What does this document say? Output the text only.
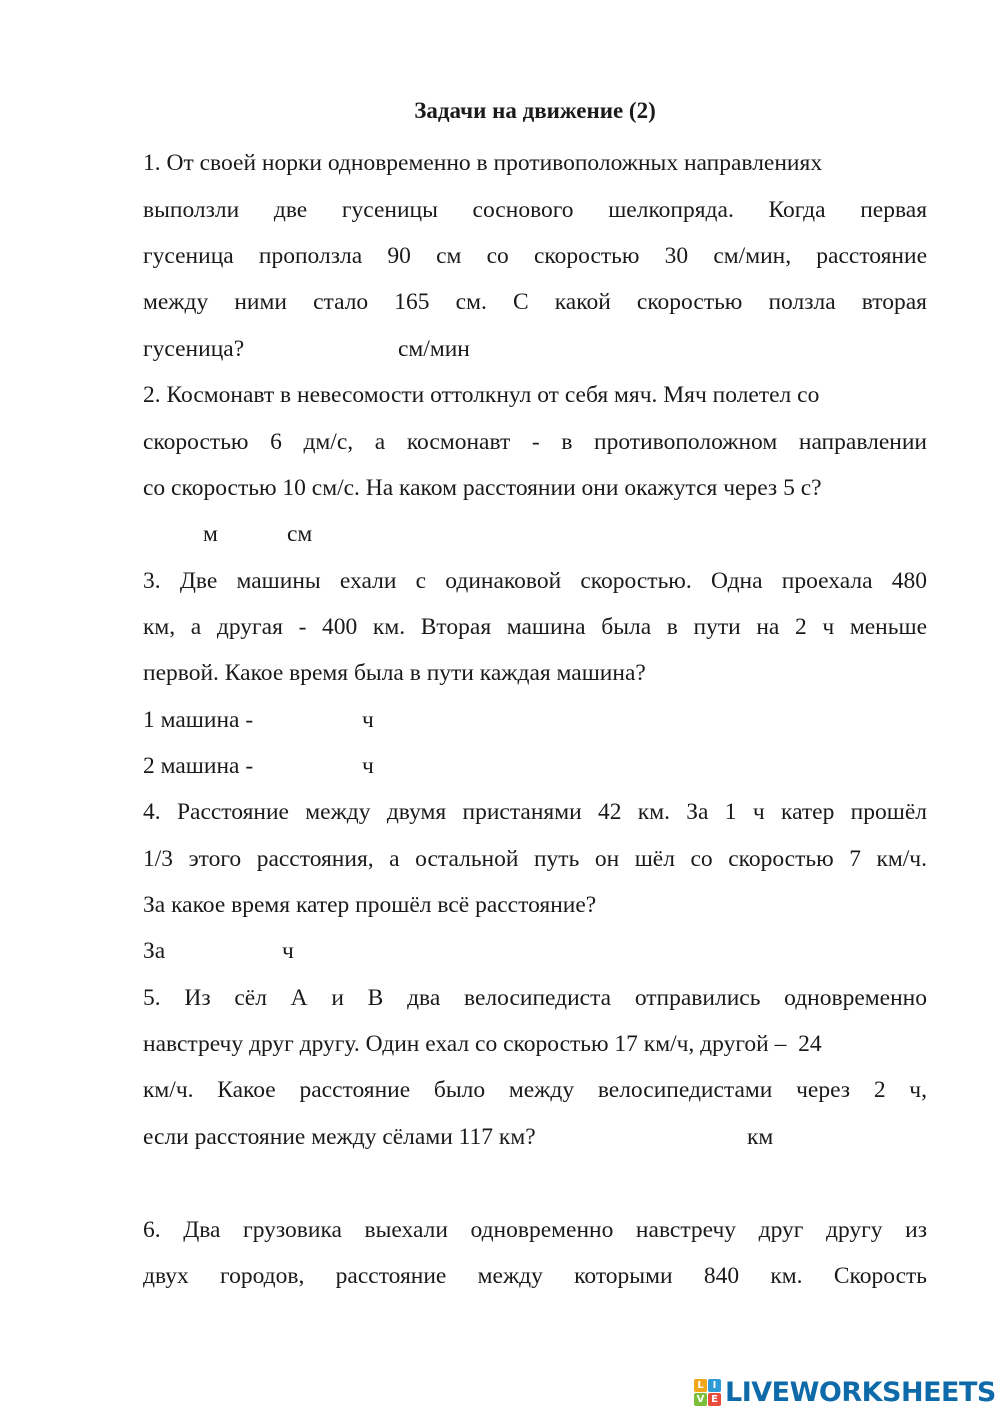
Задачи на движение (2)
1. От своей норки одновременно в противоположных направлениях
выползли две гусеницы соснового шелкопряда. Когда первая
гусеница проползла 90 см со скоростью 30 см/мин, расстояние
между ними стало 165 см. С какой скоростью ползла вторая
гусеница?	см/мин
2. Космонавт в невесомости оттолкнул от себя мяч. Мяч полетел со
скоростью 6 дм/с, а космонавт - в противоположном направлении
со скоростью 10 см/с. На каком расстоянии они окажутся через 5 с?
м	см
3. Две машины ехали с одинаковой скоростью. Одна проехала 480
км, а другая - 400 км. Вторая машина была в пути на 2 ч меньше
первой. Какое время была в пути каждая машина?
1 машина -	ч
2 машина -	ч
4. Расстояние между двумя пристанями 42 км. За 1 ч катер прошёл
1/3 этого расстояния, а остальной путь он шёл со скоростью 7 км/ч.
За какое время катер прошёл всё расстояние?
За	ч
5. Из сёл А и В два велосипедиста отправились одновременно
навстречу друг другу. Один ехал со скоростью 17 км/ч, другой –  24
км/ч. Какое расстояние было между велосипедистами через 2 ч,
если расстояние между сёлами 117 км?	км
6. Два грузовика выехали одновременно навстречу друг другу из
двух городов, расстояние между которыми 840 км. Скорость
L I
V E LIVEWORKSHEETS
